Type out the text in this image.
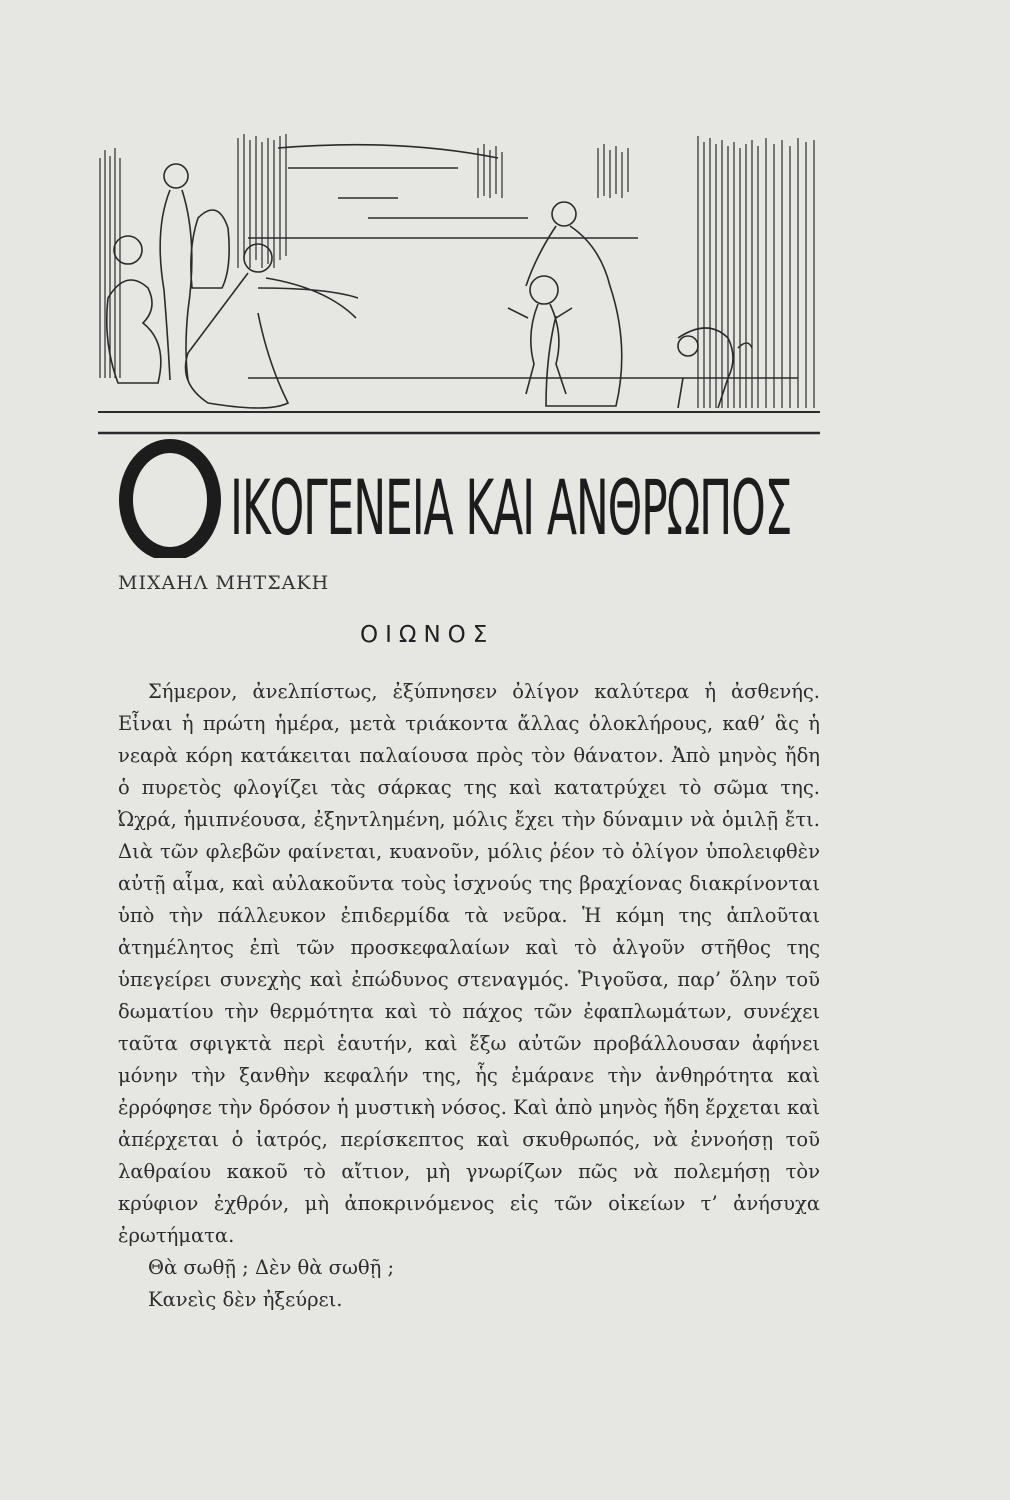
ΙΚΟΓΕΝΕΙΑ ΚΑΙ ΑΝΘΡΩΠΟΣ
ΜΙΧΑΗΛ ΜΗΤΣΑΚΗ
ΟΙΩΝΟΣ

Σήμερον, ἀνελπίστως, ἐξύπνησεν ὀλίγον καλύτερα ἡ ἀσθενής. Εἶναι ἡ πρώτη ἡμέρα, μετὰ τριάκοντα ἄλλας ὁλοκλήρους, καθ’ ἃς ἡ νεαρὰ κόρη κατάκειται παλαίουσα πρὸς τὸν θάνατον. Ἀπὸ μηνὸς ἤδη ὁ πυρετὸς φλογίζει τὰς σάρκας της καὶ κατατρύχει τὸ σῶμα της. Ὠχρά, ἡμιπνέουσα, ἐξηντλημένη, μόλις ἔχει τὴν δύναμιν νὰ ὁμιλῇ ἔτι. Διὰ τῶν φλεβῶν φαίνεται, κυανοῦν, μόλις ῥέον τὸ ὀλίγον ὑπολειφθὲν αὐτῇ αἷμα, καὶ αὐλακοῦντα τοὺς ἰσχνούς της βραχίονας διακρίνονται ὑπὸ τὴν πάλλευκον ἐπιδερμίδα τὰ νεῦρα. Ἡ κόμη της ἁπλοῦται ἀτημέλητος ἐπὶ τῶν προσκεφαλαίων καὶ τὸ ἀλγοῦν στῆθος της ὑπεγείρει συνεχὴς καὶ ἐπώδυνος στεναγμός. Ῥιγοῦσα, παρ’ ὅλην τοῦ δωματίου τὴν θερμότητα καὶ τὸ πάχος τῶν ἐφαπλωμάτων, συνέχει ταῦτα σφιγκτὰ περὶ ἑαυτήν, καὶ ἔξω αὐτῶν προβάλλουσαν ἀφήνει μόνην τὴν ξανθὴν κεφαλήν της, ἧς ἐμάρανε τὴν ἀνθηρότητα καὶ ἐρρόφησε τὴν δρόσον ἡ μυστικὴ νόσος. Καὶ ἀπὸ μηνὸς ἤδη ἔρχεται καὶ ἀπέρχεται ὁ ἰατρός, περίσκεπτος καὶ σκυθρωπός, νὰ ἐννοήσῃ τοῦ λαθραίου κακοῦ τὸ αἴτιον, μὴ γνωρίζων πῶς νὰ πολεμήσῃ τὸν κρύφιον ἐχθρόν, μὴ ἀποκρινόμενος εἰς τῶν οἰκείων τ’ ἀνήσυχα ἐρωτήματα.

Θὰ σωθῇ ; Δὲν θὰ σωθῇ ;

Κανεὶς δὲν ἠξεύρει.
